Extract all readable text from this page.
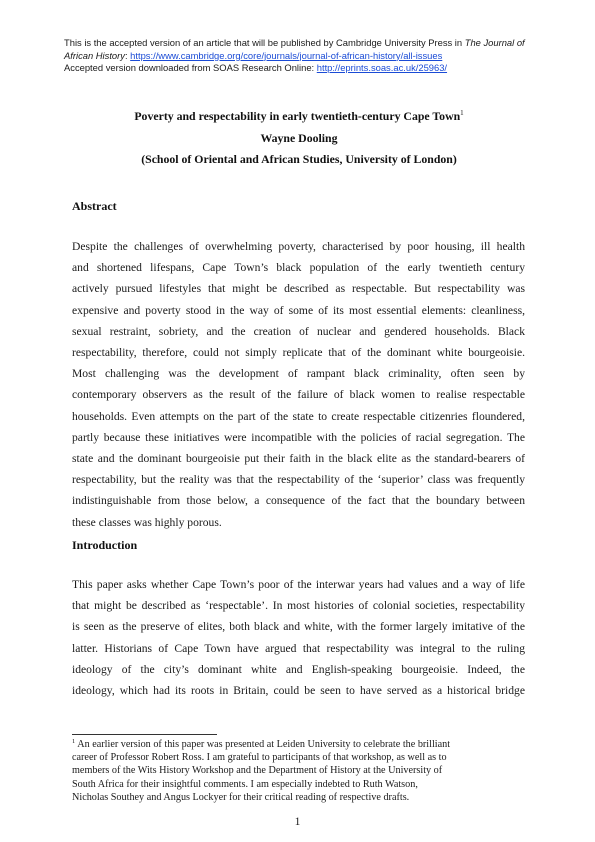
This is the accepted version of an article that will be published by Cambridge University Press in The Journal of African History: https://www.cambridge.org/core/journals/journal-of-african-history/all-issues
Accepted version downloaded from SOAS Research Online: http://eprints.soas.ac.uk/25963/
Poverty and respectability in early twentieth-century Cape Town$^1$
Wayne Dooling
(School of Oriental and African Studies, University of London)
Abstract
Despite the challenges of overwhelming poverty, characterised by poor housing, ill health
and shortened lifespans, Cape Town’s black population of the early twentieth century
actively pursued lifestyles that might be described as respectable. But respectability was
expensive and poverty stood in the way of some of its most essential elements: cleanliness,
sexual restraint, sobriety, and the creation of nuclear and gendered households. Black
respectability, therefore, could not simply replicate that of the dominant white bourgeoisie.
Most challenging was the development of rampant black criminality, often seen by
contemporary observers as the result of the failure of black women to realise respectable
households. Even attempts on the part of the state to create respectable citizenries floundered,
partly because these initiatives were incompatible with the policies of racial segregation. The
state and the dominant bourgeoisie put their faith in the black elite as the standard-bearers of
respectability, but the reality was that the respectability of the ‘superior’ class was frequently
indistinguishable from those below, a consequence of the fact that the boundary between
these classes was highly porous.
Introduction
This paper asks whether Cape Town’s poor of the interwar years had values and a way of life
that might be described as ‘respectable’. In most histories of colonial societies, respectability
is seen as the preserve of elites, both black and white, with the former largely imitative of the
latter. Historians of Cape Town have argued that respectability was integral to the ruling
ideology of the city’s dominant white and English-speaking bourgeoisie. Indeed, the
ideology, which had its roots in Britain, could be seen to have served as a historical bridge
$^1$ An earlier version of this paper was presented at Leiden University to celebrate the brilliant
career of Professor Robert Ross. I am grateful to participants of that workshop, as well as to
members of the Wits History Workshop and the Department of History at the University of
South Africa for their insightful comments. I am especially indebted to Ruth Watson,
Nicholas Southey and Angus Lockyer for their critical reading of respective drafts.
1
